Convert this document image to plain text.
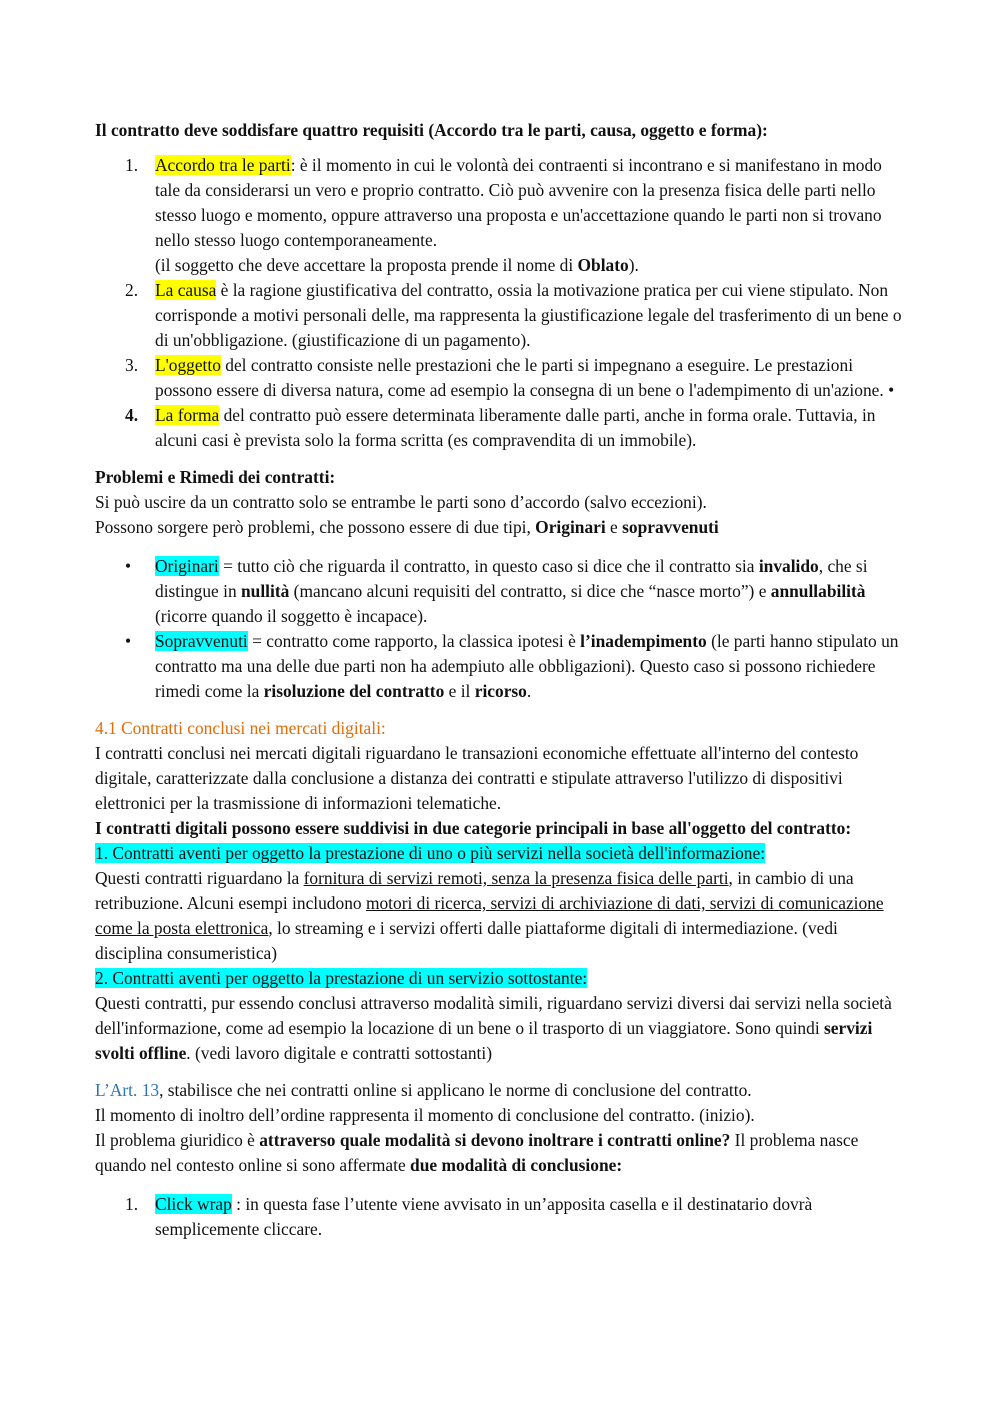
Il contratto deve soddisfare quattro requisiti (Accordo tra le parti, causa, oggetto e forma):

1. Accordo tra le parti: è il momento in cui le volontà dei contraenti si incontrano e si manifestano in modo tale da considerarsi un vero e proprio contratto. Ciò può avvenire con la presenza fisica delle parti nello stesso luogo e momento, oppure attraverso una proposta e un'accettazione quando le parti non si trovano nello stesso luogo contemporaneamente.
(il soggetto che deve accettare la proposta prende il nome di Oblato).
2. La causa è la ragione giustificativa del contratto, ossia la motivazione pratica per cui viene stipulato. Non corrisponde a motivi personali delle, ma rappresenta la giustificazione legale del trasferimento di un bene o di un'obbligazione. (giustificazione di un pagamento).
3. L'oggetto del contratto consiste nelle prestazioni che le parti si impegnano a eseguire. Le prestazioni possono essere di diversa natura, come ad esempio la consegna di un bene o l'adempimento di un'azione. •
4. La forma del contratto può essere determinata liberamente dalle parti, anche in forma orale. Tuttavia, in alcuni casi è prevista solo la forma scritta (es compravendita di un immobile).

Problemi e Rimedi dei contratti:

Si può uscire da un contratto solo se entrambe le parti sono d’accordo (salvo eccezioni).

Possono sorgere però problemi, che possono essere di due tipi, Originari e sopravvenuti

• Originari = tutto ciò che riguarda il contratto, in questo caso si dice che il contratto sia invalido, che si distingue in nullità (mancano alcuni requisiti del contratto, si dice che “nasce morto”) e annullabilità (ricorre quando il soggetto è incapace).
• Sopravvenuti = contratto come rapporto, la classica ipotesi è l’inadempimento (le parti hanno stipulato un contratto ma una delle due parti non ha adempiuto alle obbligazioni). Questo caso si possono richiedere rimedi come la risoluzione del contratto e il ricorso.

4.1 Contratti conclusi nei mercati digitali:

I contratti conclusi nei mercati digitali riguardano le transazioni economiche effettuate all'interno del contesto digitale, caratterizzate dalla conclusione a distanza dei contratti e stipulate attraverso l'utilizzo di dispositivi elettronici per la trasmissione di informazioni telematiche.

I contratti digitali possono essere suddivisi in due categorie principali in base all'oggetto del contratto:

1. Contratti aventi per oggetto la prestazione di uno o più servizi nella società dell'informazione:

Questi contratti riguardano la fornitura di servizi remoti, senza la presenza fisica delle parti, in cambio di una retribuzione. Alcuni esempi includono motori di ricerca, servizi di archiviazione di dati, servizi di comunicazione come la posta elettronica, lo streaming e i servizi offerti dalle piattaforme digitali di intermediazione. (vedi disciplina consumeristica)

2. Contratti aventi per oggetto la prestazione di un servizio sottostante:

Questi contratti, pur essendo conclusi attraverso modalità simili, riguardano servizi diversi dai servizi nella società dell'informazione, come ad esempio la locazione di un bene o il trasporto di un viaggiatore. Sono quindi servizi svolti offline. (vedi lavoro digitale e contratti sottostanti)

L’Art. 13, stabilisce che nei contratti online si applicano le norme di conclusione del contratto.

Il momento di inoltro dell’ordine rappresenta il momento di conclusione del contratto. (inizio).

Il problema giuridico è attraverso quale modalità si devono inoltrare i contratti online? Il problema nasce quando nel contesto online si sono affermate due modalità di conclusione:

1. Click wrap : in questa fase l’utente viene avvisato in un’apposita casella e il destinatario dovrà semplicemente cliccare.
